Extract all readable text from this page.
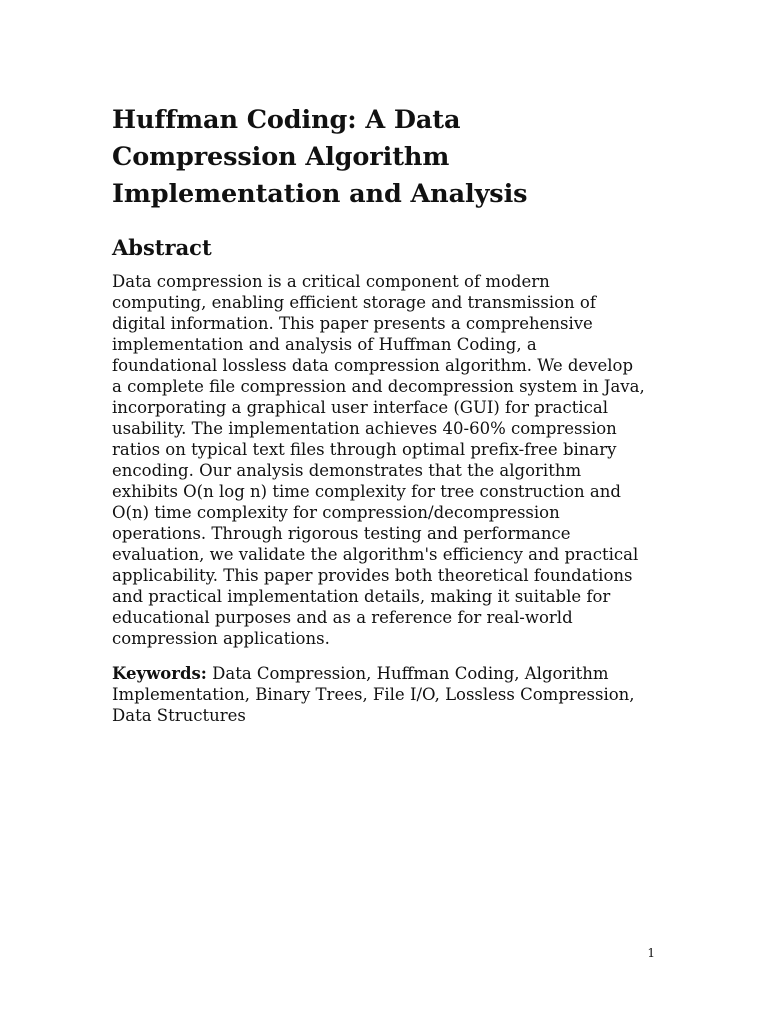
Huffman Coding: A Data Compression Algorithm Implementation and Analysis
Abstract

Data compression is a critical component of modern computing, enabling efficient storage and transmission of digital information. This paper presents a comprehensive implementation and analysis of Huffman Coding, a foundational lossless data compression algorithm. We develop a complete file compression and decompression system in Java, incorporating a graphical user interface (GUI) for practical usability. The implementation achieves 40-60% compression ratios on typical text files through optimal prefix-free binary encoding. Our analysis demonstrates that the algorithm exhibits O(n log n) time complexity for tree construction and O(n) time complexity for compression/decompression operations. Through rigorous testing and performance evaluation, we validate the algorithm's efficiency and practical applicability. This paper provides both theoretical foundations and practical implementation details, making it suitable for educational purposes and as a reference for real-world compression applications.

Keywords: Data Compression, Huffman Coding, Algorithm Implementation, Binary Trees, File I/O, Lossless Compression, Data Structures

1
